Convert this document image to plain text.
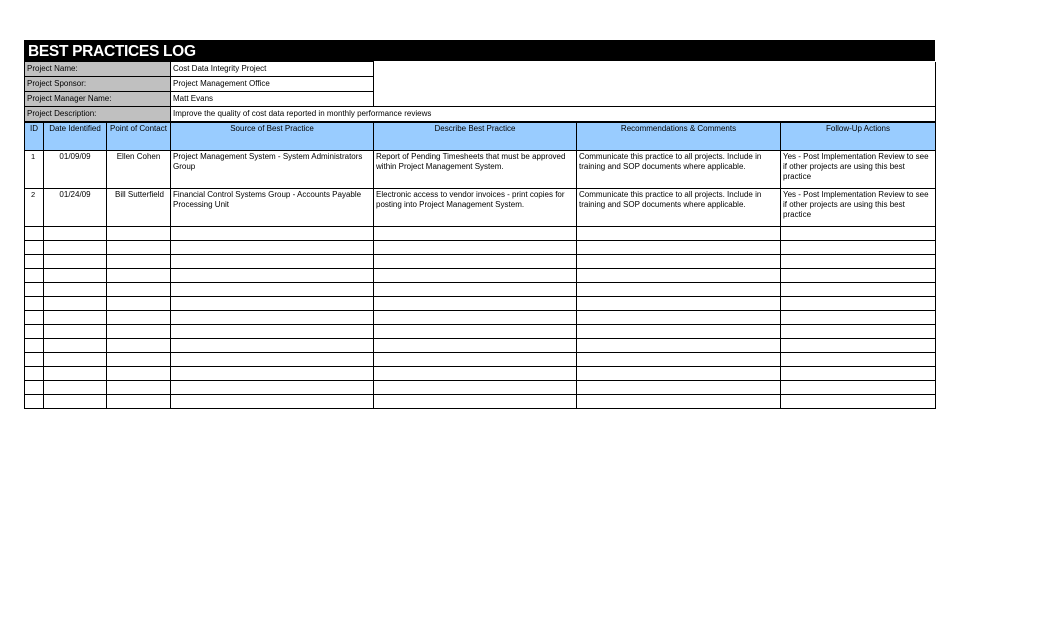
BEST PRACTICES LOG
Project Name:	Cost Data Integrity Project	
Project Sponsor:	Project Management Office	
Project Manager Name:	Matt Evans	
Project Description:	Improve the quality of cost data reported in monthly performance reviews	
ID	Date Identified	Point of Contact	Source of Best Practice	Describe Best Practice	Recommendations & Comments	Follow-Up Actions
1	01/09/09	Ellen Cohen	Project Management System - System Administrators Group	Report of Pending Timesheets that must be approved within Project Management System.	Communicate this practice to all projects. Include in training and SOP documents where applicable.	Yes - Post Implementation Review to see if other projects are using this best practice
2	01/24/09	Bill Sutterfield	Financial Control Systems Group - Accounts Payable Processing Unit	Electronic access to vendor invoices - print copies for posting into Project Management System.	Communicate this practice to all projects. Include in training and SOP documents where applicable.	Yes - Post Implementation Review to see if other projects are using this best practice
